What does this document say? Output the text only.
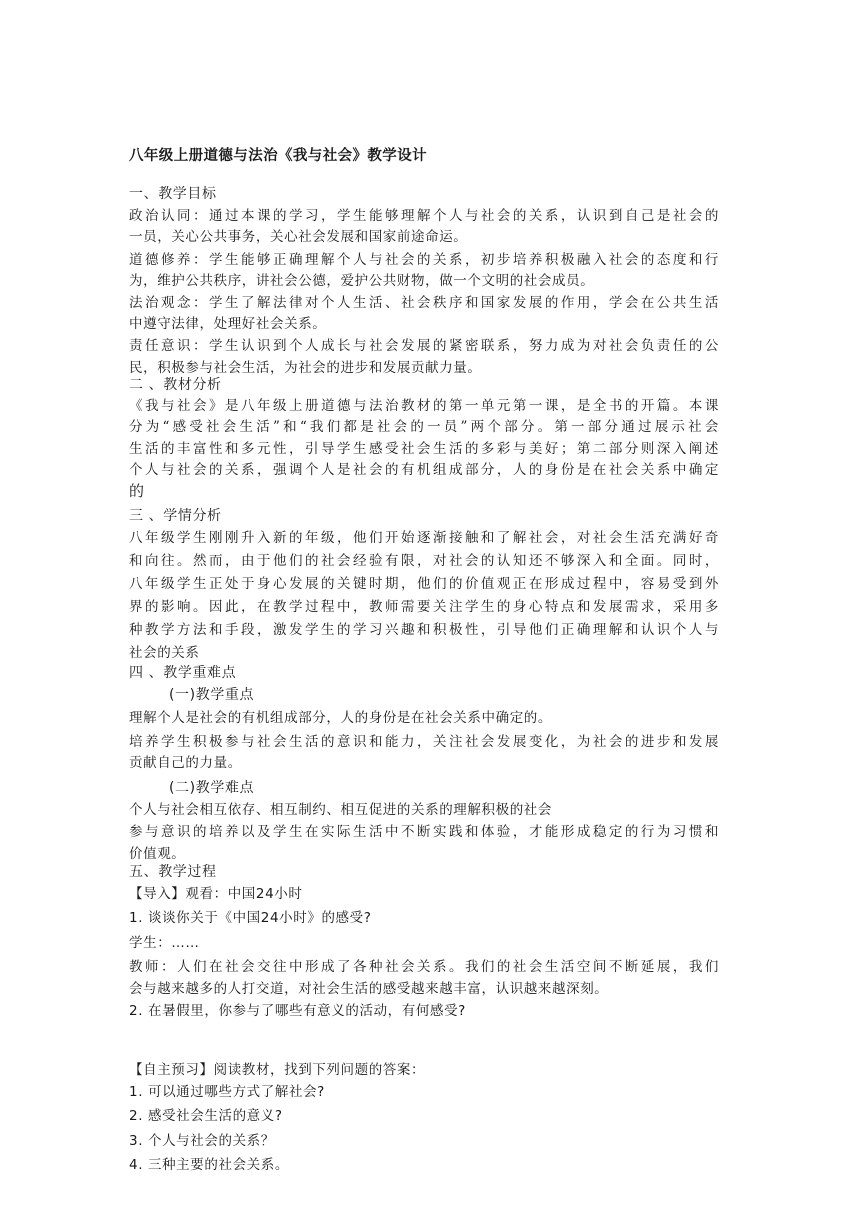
八年级上册道德与法治《我与社会》教学设计
一、教学目标
政治认同：通过本课的学习，学生能够理解个人与社会的关系，认识到自己是社会的
一员，关心公共事务，关心社会发展和国家前途命运。
道德修养：学生能够正确理解个人与社会的关系，初步培养积极融入社会的态度和行
为，维护公共秩序，讲社会公德，爱护公共财物，做一个文明的社会成员。
法治观念：学生了解法律对个人生活、社会秩序和国家发展的作用，学会在公共生活
中遵守法律，处理好社会关系。
责任意识：学生认识到个人成长与社会发展的紧密联系，努力成为对社会负责任的公
民，积极参与社会生活，为社会的进步和发展贡献力量。
二 、教材分析
《我与社会》是八年级上册道德与法治教材的第一单元第一课，是全书的开篇。本课
分为“感受社会生活”和“我们都是社会的一员”两个部分。第一部分通过展示社会
生活的丰富性和多元性，引导学生感受社会生活的多彩与美好；第二部分则深入阐述
个人与社会的关系，强调个人是社会的有机组成部分，人的身份是在社会关系中确定
的
三 、学情分析
八年级学生刚刚升入新的年级，他们开始逐渐接触和了解社会，对社会生活充满好奇
和向往。然而，由于他们的社会经验有限，对社会的认知还不够深入和全面。同时，
八年级学生正处于身心发展的关键时期，他们的价值观正在形成过程中，容易受到外
界的影响。因此，在教学过程中，教师需要关注学生的身心特点和发展需求，采用多
种教学方法和手段，激发学生的学习兴趣和积极性，引导他们正确理解和认识个人与
社会的关系
四 、教学重难点
(一)教学重点
理解个人是社会的有机组成部分，人的身份是在社会关系中确定的。
培养学生积极参与社会生活的意识和能力，关注社会发展变化，为社会的进步和发展
贡献自己的力量。
(二)教学难点
个人与社会相互依存、相互制约、相互促进的关系的理解积极的社会
参与意识的培养以及学生在实际生活中不断实践和体验，才能形成稳定的行为习惯和
价值观。
五、教学过程
【导入】观看：中国24小时
1. 谈谈你关于《中国24小时》的感受?
学生：……
教师：人们在社会交往中形成了各种社会关系。我们的社会生活空间不断延展，我们
会与越来越多的人打交道，对社会生活的感受越来越丰富，认识越来越深刻。
2. 在暑假里，你参与了哪些有意义的活动，有何感受?
【自主预习】阅读教材，找到下列问题的答案：
1. 可以通过哪些方式了解社会?
2. 感受社会生活的意义?
3. 个人与社会的关系？
4. 三种主要的社会关系。
